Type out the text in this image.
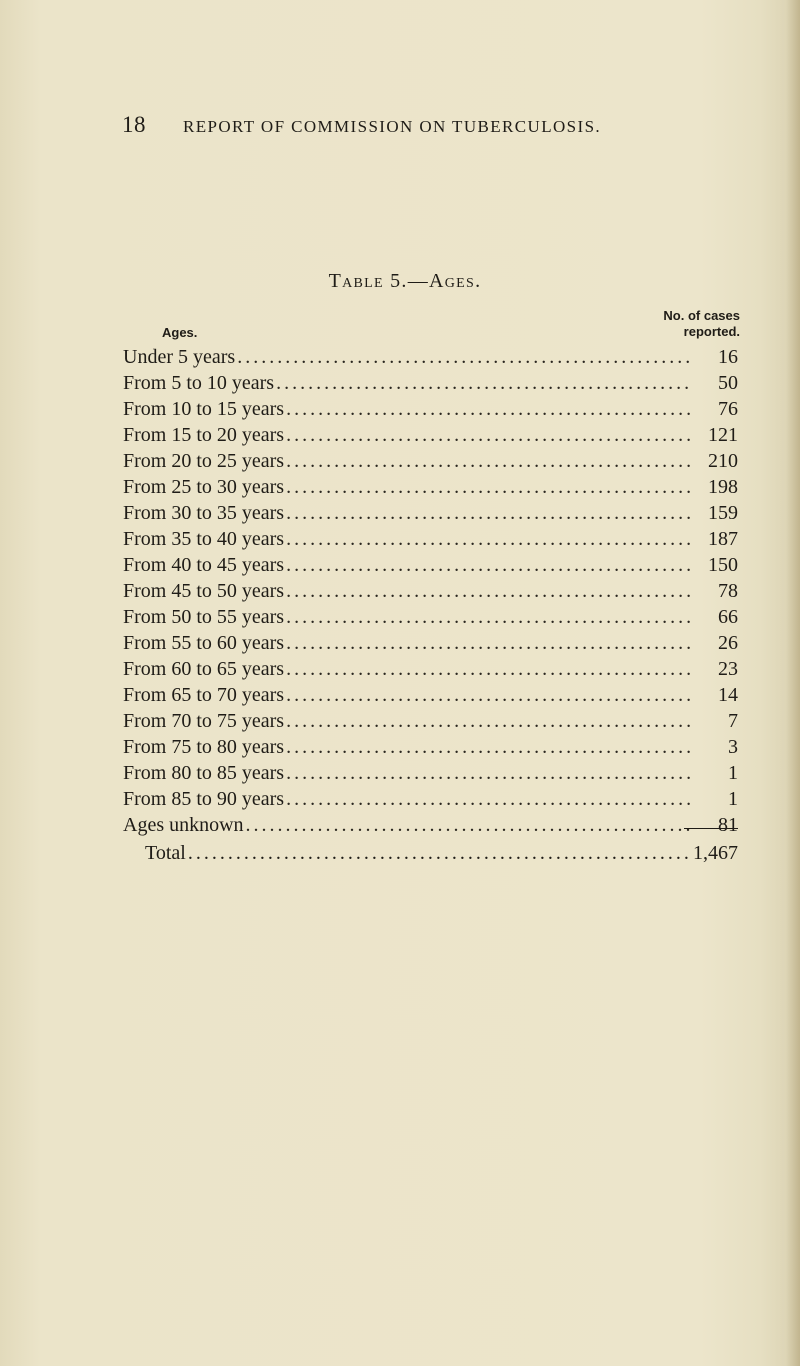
18 REPORT OF COMMISSION ON TUBERCULOSIS.
Table 5.—Ages.
Ages.
No. of cases
reported.
Under 5 years .....	16
From 5 to 10 years .....	50
From 10 to 15 years .....	76
From 15 to 20 years .....	121
From 20 to 25 years .....	210
From 25 to 30 years .....	198
From 30 to 35 years .....	159
From 35 to 40 years .....	187
From 40 to 45 years .....	150
From 45 to 50 years .....	78
From 50 to 55 years .....	66
From 55 to 60 years .....	26
From 60 to 65 years .....	23
From 65 to 70 years .....	14
From 70 to 75 years .....	7
From 75 to 80 years .....	3
From 80 to 85 years .....	1
From 85 to 90 years .....	1
Ages unknown .....	81
Total .....	1,467
